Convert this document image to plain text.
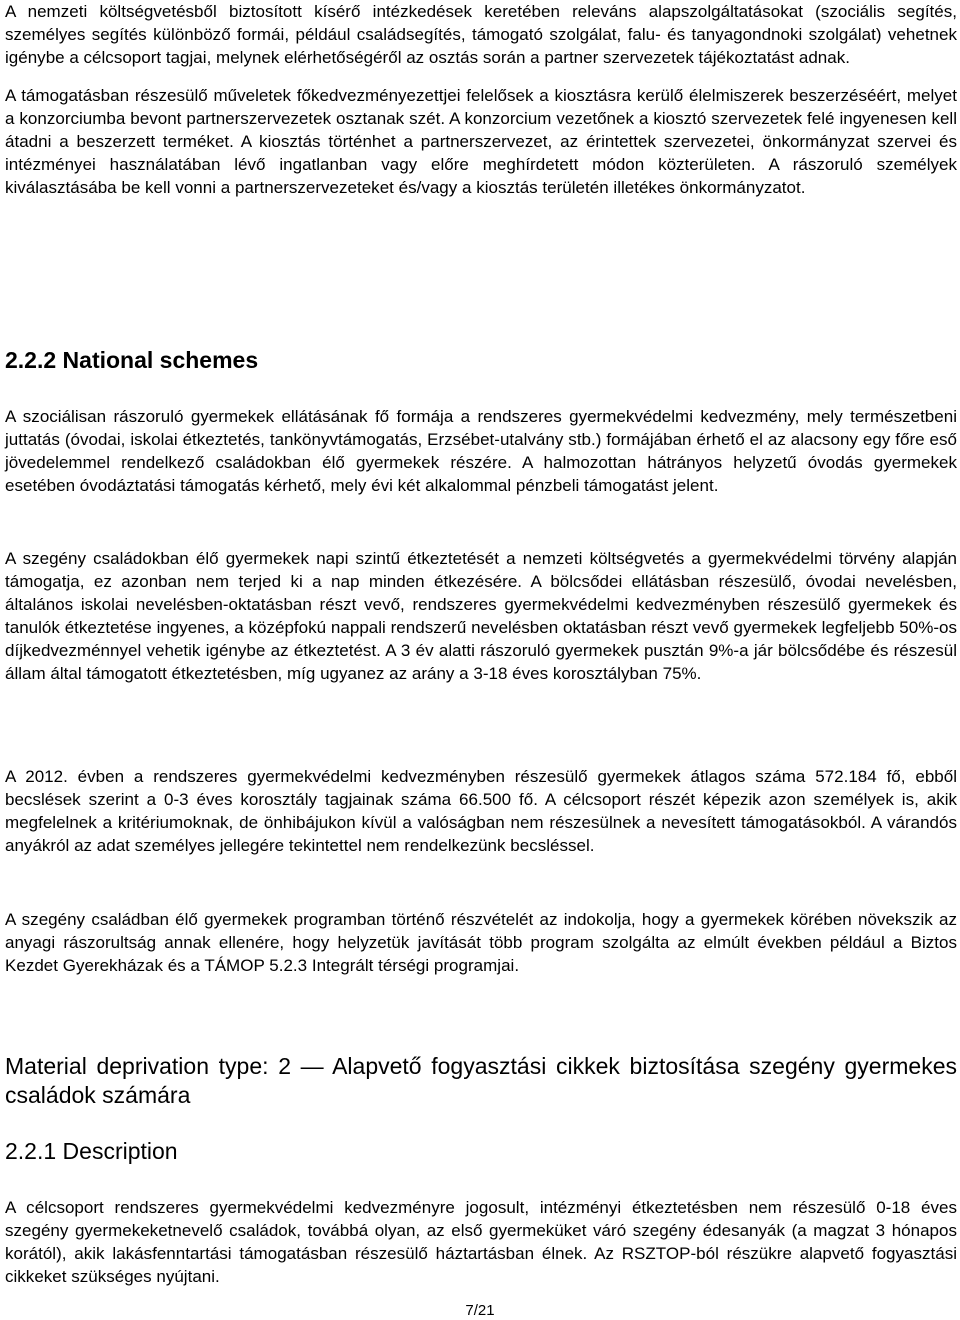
A nemzeti költségvetésből biztosított kísérő intézkedések keretében releváns alapszolgáltatásokat (szociális segítés, személyes segítés különböző formái, például családsegítés, támogató szolgálat, falu- és tanyagondnoki szolgálat) vehetnek igénybe a célcsoport tagjai, melynek elérhetőségéről az osztás során a partner szervezetek tájékoztatást adnak.

A támogatásban részesülő műveletek főkedvezményezettjei felelősek a kiosztásra kerülő élelmiszerek beszerzéséért, melyet a konzorciumba bevont partnerszervezetek osztanak szét. A konzorcium vezetőnek a kiosztó szervezetek felé ingyenesen kell átadni a beszerzett terméket. A kiosztás történhet a partnerszervezet, az érintettek szervezetei, önkormányzat szervei és intézményei használatában lévő ingatlanban vagy előre meghírdetett módon közterületen. A rászoruló személyek kiválasztásába be kell vonni a partnerszervezeteket és/vagy a kiosztás területén illetékes önkormányzatot.

2.2.2 National schemes

A szociálisan rászoruló gyermekek ellátásának fő formája a rendszeres gyermekvédelmi kedvezmény, mely természetbeni juttatás (óvodai, iskolai étkeztetés, tankönyvtámogatás, Erzsébet-utalvány stb.) formájában érhető el az alacsony egy főre eső jövedelemmel rendelkező családokban élő gyermekek részére. A halmozottan hátrányos helyzetű óvodás gyermekek esetében óvodáztatási támogatás kérhető, mely évi két alkalommal pénzbeli támogatást jelent.

A szegény családokban élő gyermekek napi szintű étkeztetését a nemzeti költségvetés a gyermekvédelmi törvény alapján támogatja, ez azonban nem terjed ki a nap minden étkezésére. A bölcsődei ellátásban részesülő, óvodai nevelésben, általános iskolai nevelésben-oktatásban részt vevő, rendszeres gyermekvédelmi kedvezményben részesülő gyermekek és tanulók étkeztetése ingyenes, a középfokú nappali rendszerű nevelésben oktatásban részt vevő gyermekek legfeljebb 50%-os díjkedvezménnyel vehetik igénybe az étkeztetést. A 3 év alatti rászoruló gyermekek pusztán 9%-a jár bölcsődébe és részesül állam által támogatott étkeztetésben, míg ugyanez az arány a 3-18 éves korosztályban 75%.

A 2012. évben a rendszeres gyermekvédelmi kedvezményben részesülő gyermekek átlagos száma 572.184 fő, ebből becslések szerint a 0-3 éves korosztály tagjainak száma 66.500 fő. A célcsoport részét képezik azon személyek is, akik megfelelnek a kritériumoknak, de önhibájukon kívül a valóságban nem részesülnek a nevesített támogatásokból. A várandós anyákról az adat személyes jellegére tekintettel nem rendelkezünk becsléssel.

A szegény családban élő gyermekek programban történő részvételét az indokolja, hogy a gyermekek körében növekszik az anyagi rászorultság annak ellenére, hogy helyzetük javítását több program szolgálta az elmúlt években például a Biztos Kezdet Gyerekházak és a TÁMOP 5.2.3 Integrált térségi programjai.

Material deprivation type: 2 — Alapvető fogyasztási cikkek biztosítása szegény gyermekes családok számára
2.2.1 Description

A célcsoport rendszeres gyermekvédelmi kedvezményre jogosult, intézményi étkeztetésben nem részesülő 0-18 éves szegény gyermekeketnevelő családok, továbbá olyan, az első gyermeküket váró szegény édesanyák (a magzat 3 hónapos korától), akik lakásfenntartási támogatásban részesülő háztartásban élnek. Az RSZTOP-ból részükre alapvető fogyasztási cikkeket szükséges nyújtani.

7/21
